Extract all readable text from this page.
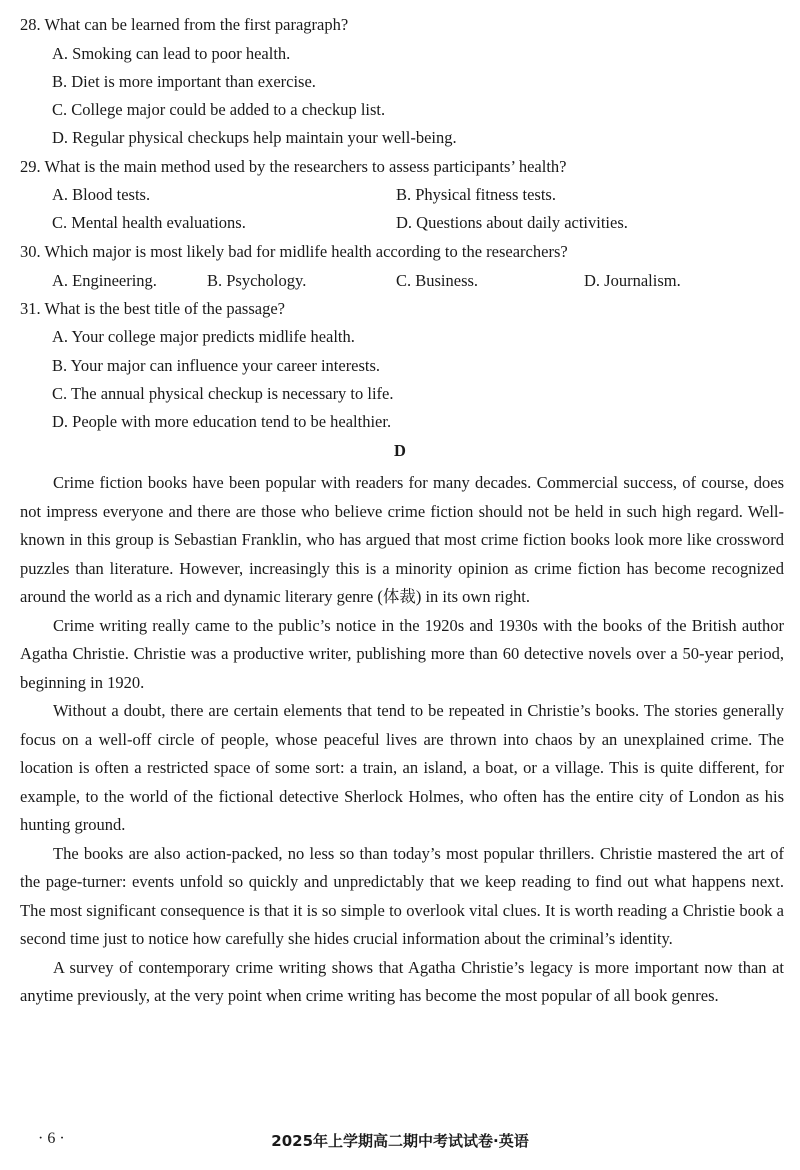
28. What can be learned from the first paragraph?
A. Smoking can lead to poor health.
B. Diet is more important than exercise.
C. College major could be added to a checkup list.
D. Regular physical checkups help maintain your well-being.
29. What is the main method used by the researchers to assess participants’ health?
A. Blood tests.	B. Physical fitness tests.
C. Mental health evaluations.	D. Questions about daily activities.
30. Which major is most likely bad for midlife health according to the researchers?
A. Engineering.	B. Psychology.	C. Business.	D. Journalism.
31. What is the best title of the passage?
A. Your college major predicts midlife health.
B. Your major can influence your career interests.
C. The annual physical checkup is necessary to life.
D. People with more education tend to be healthier.
D

Crime fiction books have been popular with readers for many decades. Commercial success, of course, does not impress everyone and there are those who believe crime fiction should not be held in such high regard. Well-known in this group is Sebastian Franklin, who has argued that most crime fiction books look more like crossword puzzles than literature. However, increasingly this is a minority opinion as crime fiction has become recognized around the world as a rich and dynamic literary genre (体裁) in its own right.

Crime writing really came to the public’s notice in the 1920s and 1930s with the books of the British author Agatha Christie. Christie was a productive writer, publishing more than 60 detective novels over a 50-year period, beginning in 1920.

Without a doubt, there are certain elements that tend to be repeated in Christie’s books. The stories generally focus on a well-off circle of people, whose peaceful lives are thrown into chaos by an unexplained crime. The location is often a restricted space of some sort: a train, an island, a boat, or a village. This is quite different, for example, to the world of the fictional detective Sherlock Holmes, who often has the entire city of London as his hunting ground.

The books are also action-packed, no less so than today’s most popular thrillers. Christie mastered the art of the page-turner: events unfold so quickly and unpredictably that we keep reading to find out what happens next. The most significant consequence is that it is so simple to overlook vital clues. It is worth reading a Christie book a second time just to notice how carefully she hides crucial information about the criminal’s identity.

A survey of contemporary crime writing shows that Agatha Christie’s legacy is more important now than at anytime previously, at the very point when crime writing has become the most popular of all book genres.

· 6 ·	2025年上学期高二期中考试试卷·英语
